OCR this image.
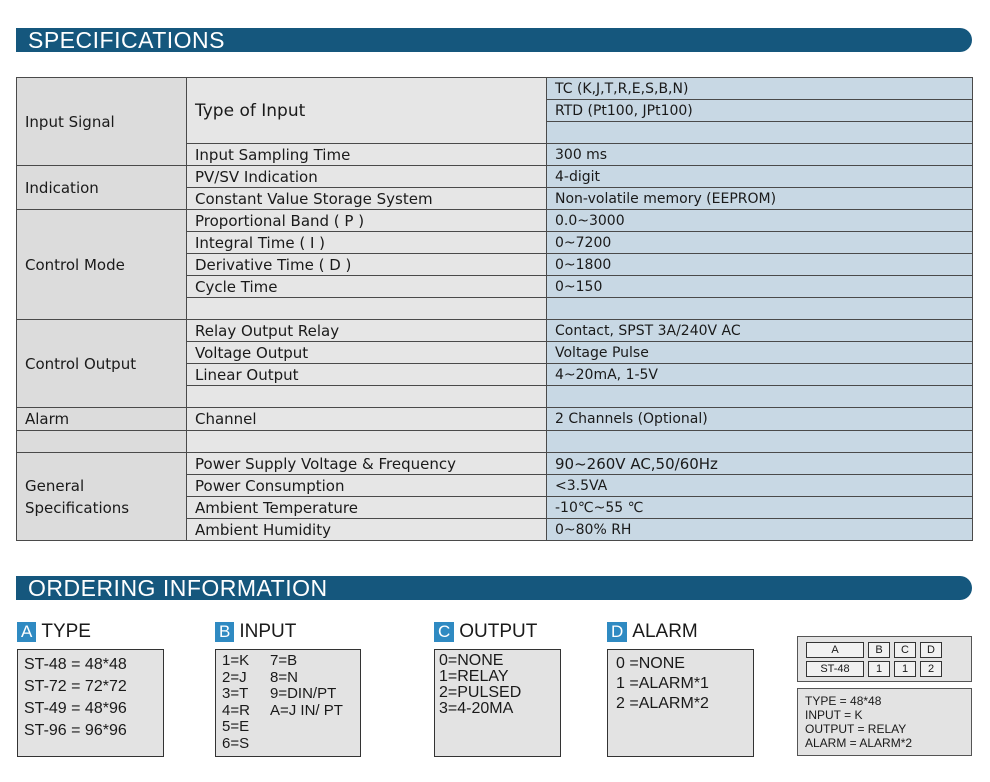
SPECIFICATIONS
Input Signal	Type of Input	TC (K,J,T,R,E,S,B,N)
		RTD (Pt100, JPt100)

	Input Sampling Time	300 ms
Indication	PV/SV Indication	4-digit
	Constant Value Storage System	Non-volatile memory (EEPROM)
Control Mode	Proportional Band ( P )	0.0~3000
	Integral Time ( I )	0~7200
	Derivative Time ( D )	0~1800
	Cycle Time	0~150

Control Output	Relay Output Relay	Contact, SPST 3A/240V AC
	Voltage Output	Voltage Pulse
	Linear Output	4~20mA, 1-5V

Alarm	Channel	2 Channels (Optional)

General Specifications	Power Supply Voltage & Frequency	90~260V AC,50/60Hz
	Power Consumption	<3.5VA
	Ambient Temperature	-10℃~55 ℃
	Ambient Humidity	0~80% RH
ORDERING INFORMATION
A TYPE	B INPUT	C OUTPUT	D ALARM
ST-48 = 48*48
ST-72 = 72*72
ST-49 = 48*96
ST-96 = 96*96
1=K	7=B
2=J	8=N
3=T	9=DIN/PT
4=R	A=J IN/ PT
5=E
6=S
0=NONE
1=RELAY
2=PULSED
3=4-20MA
0 =NONE
1 =ALARM*1
2 =ALARM*2
A	B	C	D
ST-48	1	1	2
TYPE = 48*48
INPUT = K
OUTPUT = RELAY
ALARM = ALARM*2
